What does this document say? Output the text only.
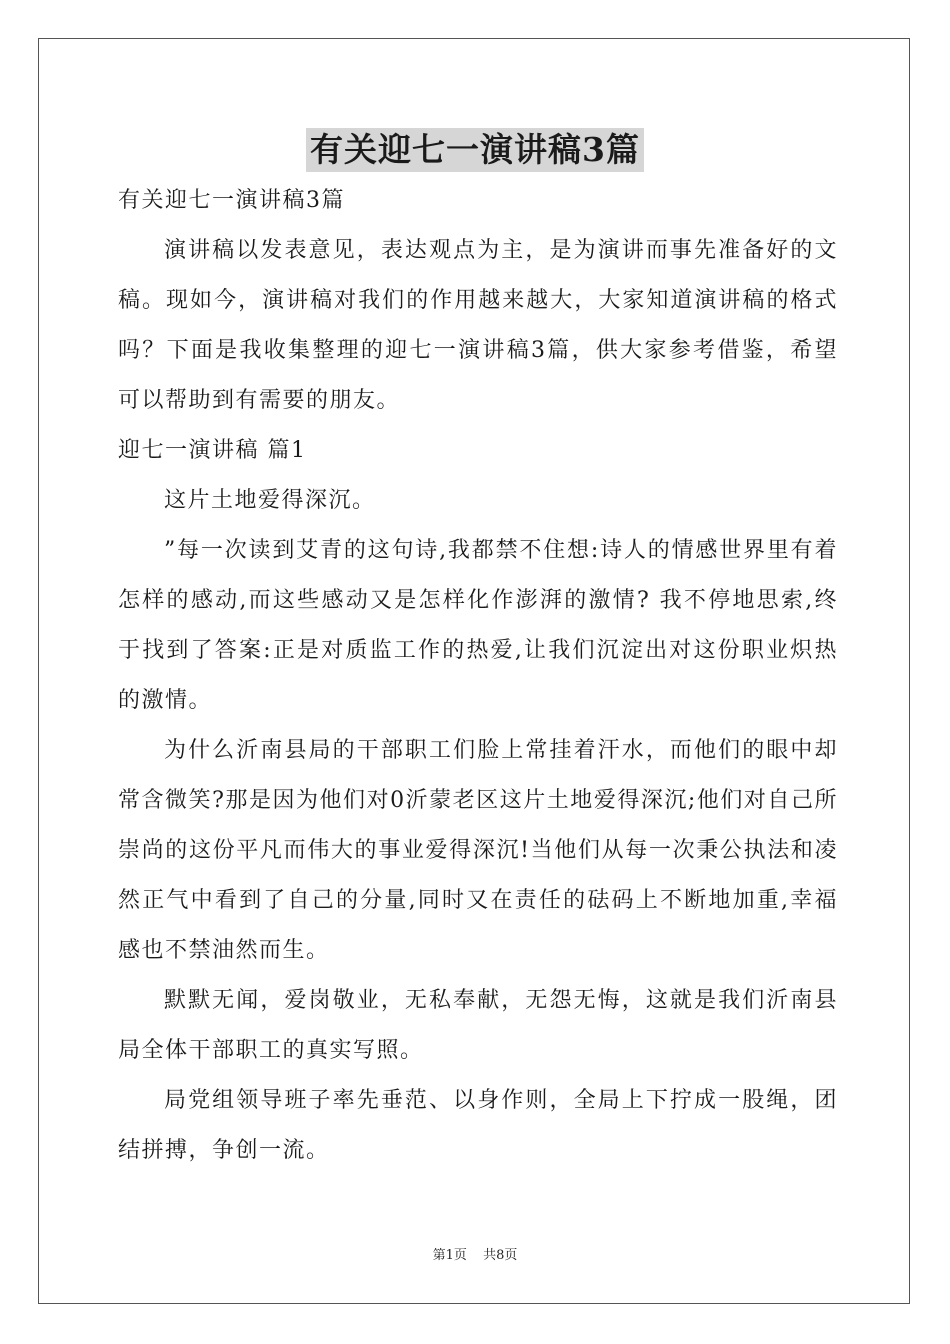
有关迎七一演讲稿3篇

有关迎七一演讲稿3篇

演讲稿以发表意见，表达观点为主，是为演讲而事先准备好的文稿。现如今，演讲稿对我们的作用越来越大，大家知道演讲稿的格式吗？下面是我收集整理的迎七一演讲稿3篇，供大家参考借鉴，希望可以帮助到有需要的朋友。

迎七一演讲稿 篇1

这片土地爱得深沉。

”每一次读到艾青的这句诗,我都禁不住想:诗人的情感世界里有着怎样的感动,而这些感动又是怎样化作澎湃的激情? 我不停地思索,终于找到了答案:正是对质监工作的热爱,让我们沉淀出对这份职业炽热的激情。

为什么沂南县局的干部职工们脸上常挂着汗水，而他们的眼中却常含微笑?那是因为他们对0沂蒙老区这片土地爱得深沉;他们对自己所崇尚的这份平凡而伟大的事业爱得深沉!当他们从每一次秉公执法和凌然正气中看到了自己的分量,同时又在责任的砝码上不断地加重,幸福感也不禁油然而生。

默默无闻，爱岗敬业，无私奉献，无怨无悔，这就是我们沂南县局全体干部职工的真实写照。

局党组领导班子率先垂范、以身作则，全局上下拧成一股绳，团结拼搏，争创一流。

第1页 共8页
